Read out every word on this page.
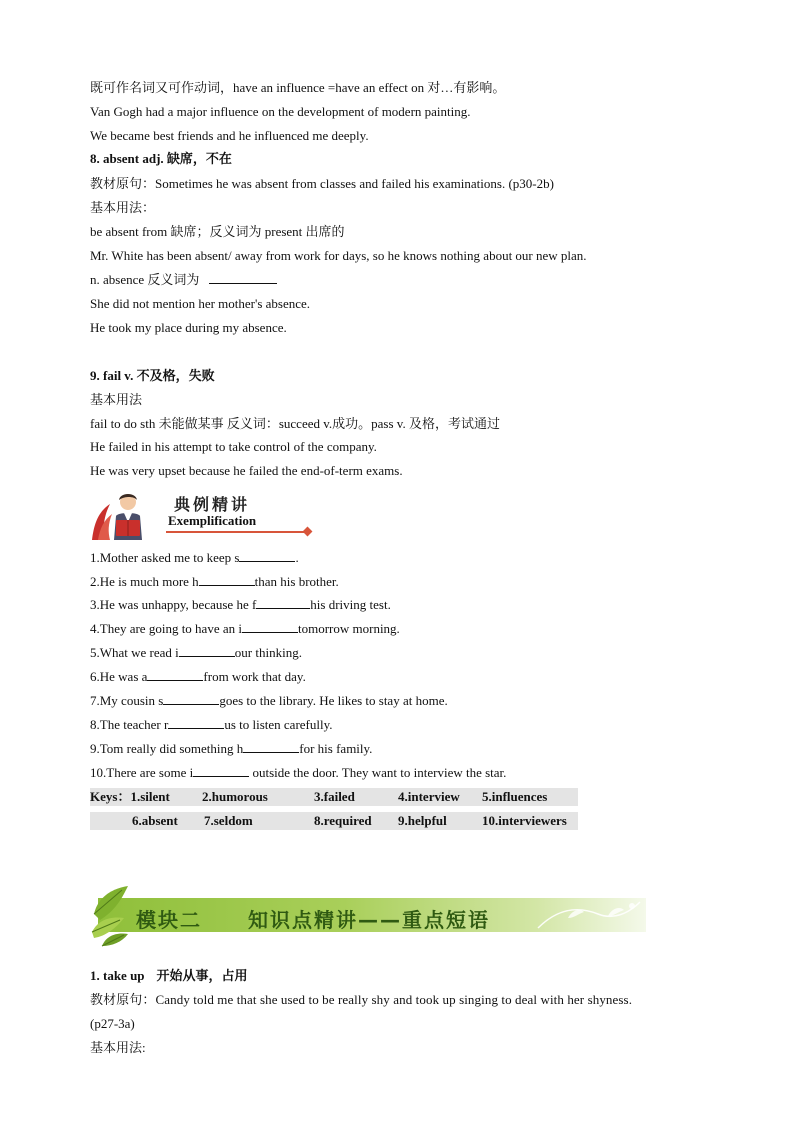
既可作名词又可作动词，have an influence =have an effect on 对…有影响。
Van Gogh had a major influence on the development of modern painting.
We became best friends and he influenced me deeply.
8. absent adj. 缺席，不在
教材原句：Sometimes he was absent from classes and failed his examinations. (p30-2b)
基本用法：
be absent from 缺席；反义词为 present 出席的
Mr. White has been absent/ away from work for days, so he knows nothing about our new plan.
n. absence 反义词为
She did not mention her mother's absence.
He took my place during my absence.
9. fail v. 不及格，失败
基本用法
fail to do sth 未能做某事 反义词：succeed v.成功。pass v. 及格，考试通过
He failed in his attempt to take control of the company.
He was very upset because he failed the end-of-term exams.
典例精讲
Exemplification
1.Mother asked me to keep s	.
2.He is much more h	than his brother.
3.He was unhappy, because he f	his driving test.
4.They are going to have an i	tomorrow morning.
5.What we read i	our thinking.
6.He was a	from work that day.
7.My cousin s	goes to the library. He likes to stay at home.
8.The teacher r	us to listen carefully.
9.Tom really did something h	for his family.
10.There are some i	outside the door. They want to interview the star.
Keys：1.silent 2.humorous	3.failed	4.interview 5.influences
6.absent 7.seldom	8.required 9.helpful	10.interviewers
模块二 知识点精讲——重点短语
1. take up 开始从事，占用
教材原句：Candy told me that she used to be really shy and took up singing to deal with her shyness.
(p27-3a)
基本用法:
